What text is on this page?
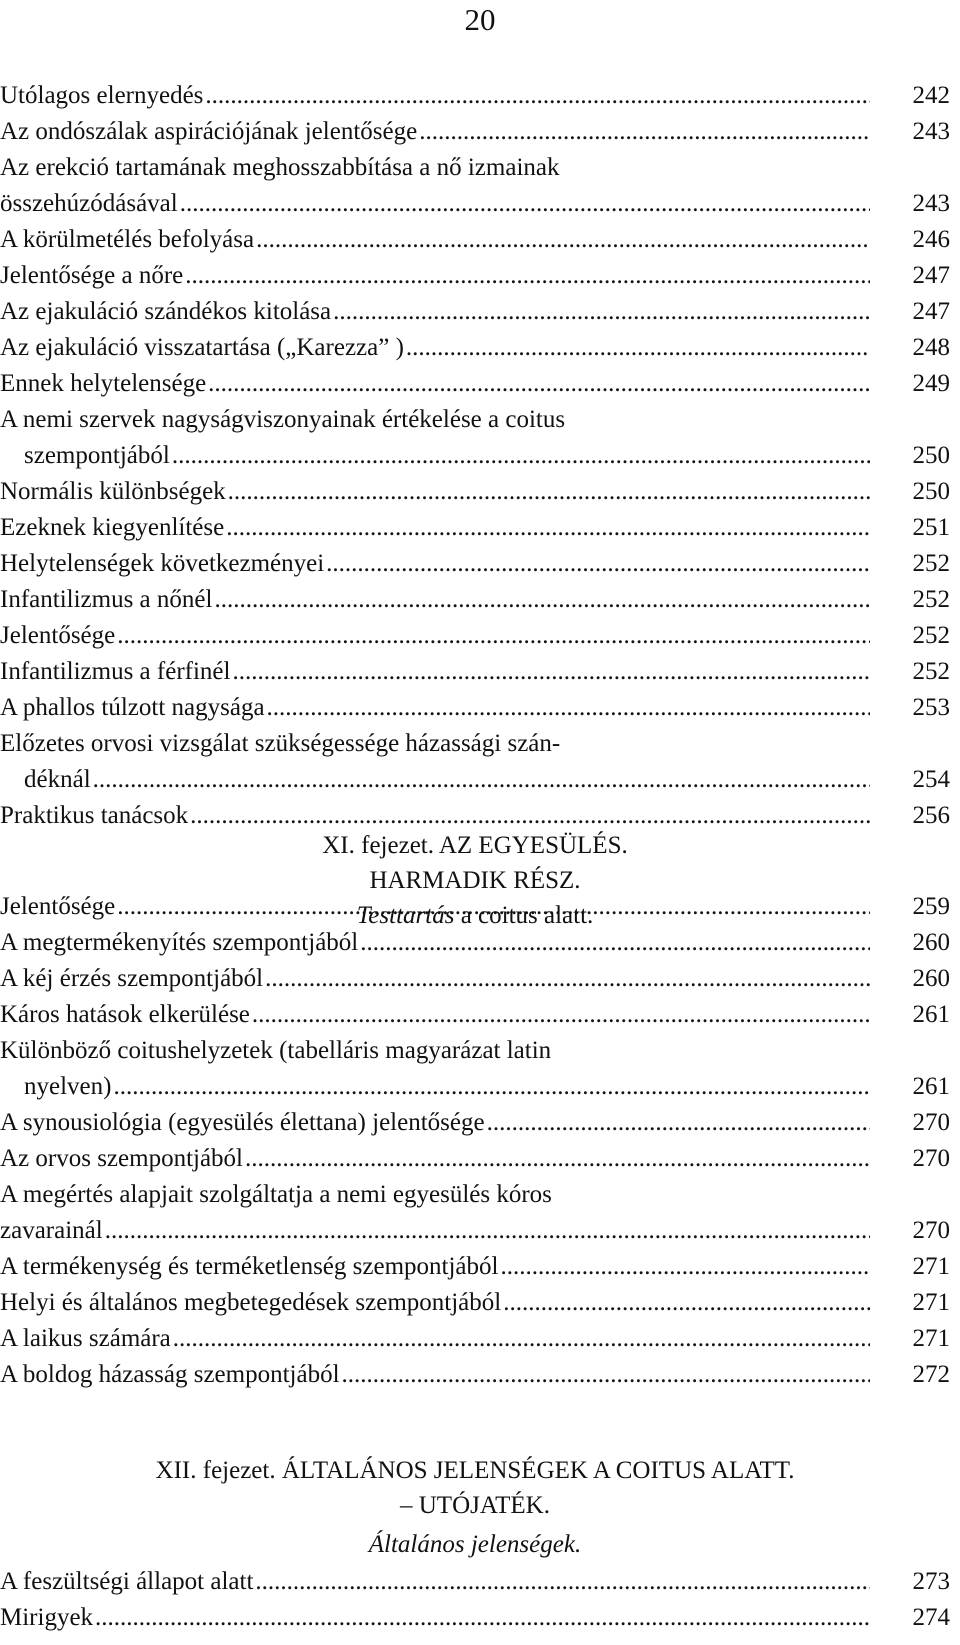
20
Utólagos elernyedés .....	242
Az ondószálak aspirációjának jelentősége .....	243
Az erekció tartamának meghosszabbítása a nő izmainak
összehúzódásával .....	243
A körülmetélés befolyása .....	246
Jelentősége a nőre .....	247
Az ejakuláció szándékos kitolása .....	247
Az ejakuláció visszatartása („Karezza” ) .....	248
Ennek helytelensége .....	249
A nemi szervek nagyságviszonyainak értékelése a coitus
szempontjából .....	250
Normális különbségek .....	250
Ezeknek kiegyenlítése .....	251
Helytelenségek következményei .....	252
Infantilizmus a nőnél .....	252
Jelentősége .....	252
Infantilizmus a férfinél .....	252
A phallos túlzott nagysága .....	253
Előzetes orvosi vizsgálat szükségessége házassági szán-
déknál .....	254
Praktikus tanácsok .....	256
XI. fejezet. AZ EGYESÜLÉS.
HARMADIK RÉSZ.
Testtartás a coitus alatt.
Jelentősége .....	259
A megtermékenyítés szempontjából .....	260
A kéj érzés szempontjából .....	260
Káros hatások elkerülése .....	261
Különböző coitushelyzetek (tabelláris magyarázat latin
nyelven) .....	261
A synousiológia (egyesülés élettana) jelentősége .....	270
Az orvos szempontjából .....	270
A megértés alapjait szolgáltatja a nemi egyesülés kóros
zavarainál .....	270
A termékenység és terméketlenség szempontjából .....	271
Helyi és általános megbetegedések szempontjából .....	271
A laikus számára .....	271
A boldog házasság szempontjából .....	272
XII. fejezet. ÁLTALÁNOS JELENSÉGEK A COITUS ALATT.
– UTÓJATÉK.
Általános jelenségek.
A feszültségi állapot alatt .....	273
Mirigyek .....	274
